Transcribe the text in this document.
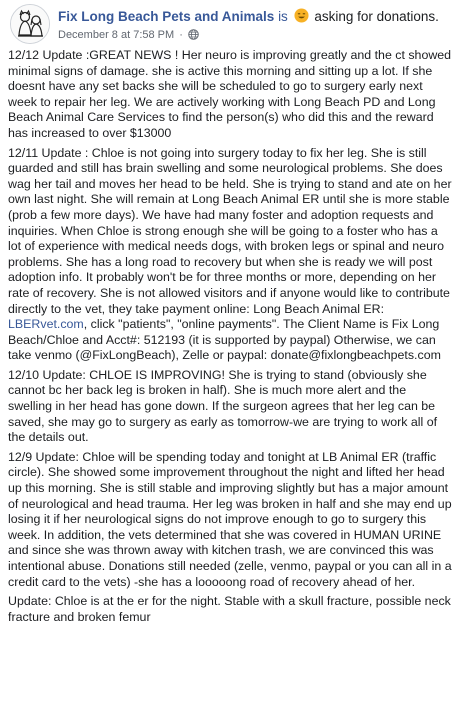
Fix Long Beach Pets and Animals is asking for donations.
December 8 at 7:58 PM ·

12/12 Update :GREAT NEWS ! Her neuro is improving greatly and the ct showed minimal signs of damage. she is active this morning and sitting up a lot. If she doesnt have any set backs she will be scheduled to go to surgery early next week to repair her leg. We are actively working with Long Beach PD and Long Beach Animal Care Services to find the person(s) who did this and the reward has increased to over $13000

12/11 Update : Chloe is not going into surgery today to fix her leg. She is still guarded and still has brain swelling and some neurological problems. She does wag her tail and moves her head to be held. She is trying to stand and ate on her own last night. She will remain at Long Beach Animal ER until she is more stable (prob a few more days). We have had many foster and adoption requests and inquiries. When Chloe is strong enough she will be going to a foster who has a lot of experience with medical needs dogs, with broken legs or spinal and neuro problems. She has a long road to recovery but when she is ready we will post adoption info. It probably won't be for three months or more, depending on her rate of recovery. She is not allowed visitors and if anyone would like to contribute directly to the vet, they take payment online: Long Beach Animal ER: LBERvet.com, click "patients", "online payments". The Client Name is Fix Long Beach/Chloe and Acct#: 512193 (it is supported by paypal) Otherwise, we can take venmo (@FixLongBeach), Zelle or paypal: donate@fixlongbeachpets.com

12/10 Update: CHLOE IS IMPROVING! She is trying to stand (obviously she cannot bc her back leg is broken in half). She is much more alert and the swelling in her head has gone down. If the surgeon agrees that her leg can be saved, she may go to surgery as early as tomorrow-we are trying to work all of the details out.

12/9 Update: Chloe will be spending today and tonight at LB Animal ER (traffic circle). She showed some improvement throughout the night and lifted her head up this morning. She is still stable and improving slightly but has a major amount of neurological and head trauma. Her leg was broken in half and she may end up losing it if her neurological signs do not improve enough to go to surgery this week. In addition, the vets determined that she was covered in HUMAN URINE and since she was thrown away with kitchen trash, we are convinced this was intentional abuse. Donations still needed (zelle, venmo, paypal or you can all in a credit card to the vets) -she has a looooong road of recovery ahead of her.

Update: Chloe is at the er for the night. Stable with a skull fracture, possible neck fracture and broken femur
